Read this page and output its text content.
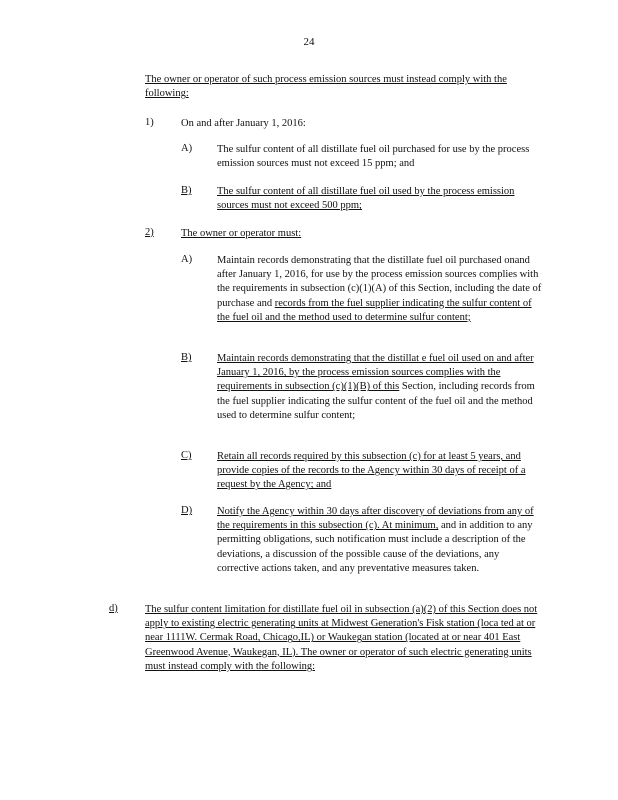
24
The owner or operator of such process emission sources must instead comply with the following:
1)	On and after January 1, 2016:
A) The sulfur content of all distillate fuel oil purchased for use by the process emission sources must not exceed 15 ppm; and
B) The sulfur content of all distillate fuel oil used by the process emission sources must not exceed 500 ppm;
2)	The owner or operator must:
A) Maintain records demonstrating that the distillate fuel oil purchased onand after January 1, 2016, for use by the process emission sources complies with the requirements in subsection (c)(1)(A) of this Section, including the date of purchase and records from the fuel supplier indicating the sulfur content of the fuel oil and the method used to determine sulfur content;
B) Maintain records demonstrating that the distillat e fuel oil used on and after January 1, 2016, by the process emission sources complies with the requirements in subsection (c)(1)(B) of this Section, including records from the fuel supplier indicating the sulfur content of the fuel oil and the method used to determine sulfur content;
C) Retain all records required by this subsection (c) for at least 5 years, and provide copies of the records to the Agency within 30 days of receipt of a request by the Agency; and
D) Notify the Agency within 30 days after discovery of deviations from any of the requirements in this subsection (c). At minimum, and in addition to any permitting obligations, such notification must include a description of the deviations, a discussion of the possible cause of the deviations, any corrective actions taken, and any preventative measures taken.
d)	The sulfur content limitation for distillate fuel oil in subsection (a)(2) of this Section does not apply to existing electric generating units at Midwest Generation's Fisk station (loca ted at or near 1111W. Cermak Road, Chicago,IL) or Waukegan station (located at or near 401 East Greenwood Avenue, Waukegan, IL). The owner or operator of such electric generating units must instead comply with the following:
